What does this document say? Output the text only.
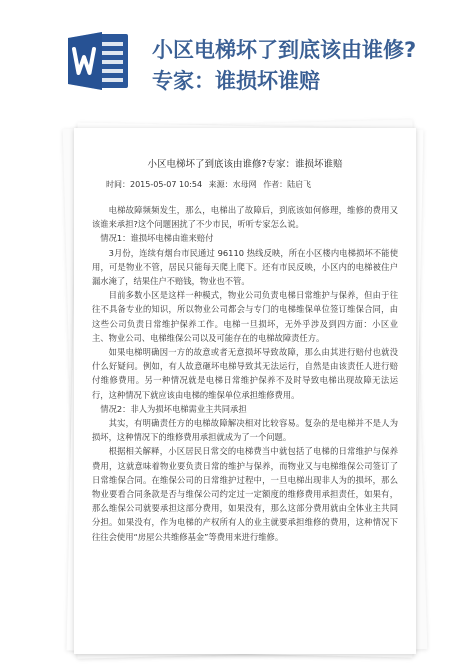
小区电梯坏了到底该由谁修?
专家：谁损坏谁赔
小区电梯坏了到底该由谁修?专家：谁损坏谁赔
时间：2015-05-07 10:54 来源：水母网 作者：陆启飞

电梯故障频频发生，那么，电梯出了故障后，到底该如何修理，维修的费用又该谁来承担?这个问题困扰了不少市民，听听专家怎么说。

情况1：谁损坏电梯由谁来赔付

3月份，连续有烟台市民通过 96110 热线反映，所在小区楼内电梯损坏不能使用，可是物业不管，居民只能每天爬上爬下。还有市民反映，小区内的电梯被住户漏水淹了，结果住户不赔钱，物业也不管。

目前多数小区是这样一种模式，物业公司负责电梯日常维护与保养，但由于往往不具备专业的知识，所以物业公司都会与专门的电梯维保单位签订维保合同，由这些公司负责日常维护保养工作。电梯一旦损坏，无外乎涉及到四方面：小区业主、物业公司、电梯维保公司以及可能存在的电梯故障责任方。

如果电梯明确因一方的故意或者无意损坏导致故障，那么由其进行赔付也就没什么好疑问。例如，有人故意砸坏电梯导致其无法运行，自然是由该责任人进行赔付维修费用。另一种情况就是电梯日常维护保养不及时导致电梯出现故障无法运行，这种情况下就应该由电梯的维保单位承担维修费用。

情况2：非人为损坏电梯需业主共同承担

其实，有明确责任方的电梯故障解决相对比较容易。复杂的是电梯并不是人为损坏，这种情况下的维修费用承担就成为了一个问题。

根据相关解释，小区居民日常交的电梯费当中就包括了电梯的日常维护与保养费用，这就意味着物业要负责日常的维护与保养，而物业又与电梯维保公司签订了日常维保合同。在维保公司的日常维护过程中，一旦电梯出现非人为的损坏，那么物业要看合同条款是否与维保公司约定过一定额度的维修费用承担责任，如果有，那么维保公司就要承担这部分费用，如果没有，那么这部分费用就由全体业主共同分担。如果没有，作为电梯的产权所有人的业主就要承担维修的费用，这种情况下往往会使用“房屋公共维修基金”等费用来进行维修。
